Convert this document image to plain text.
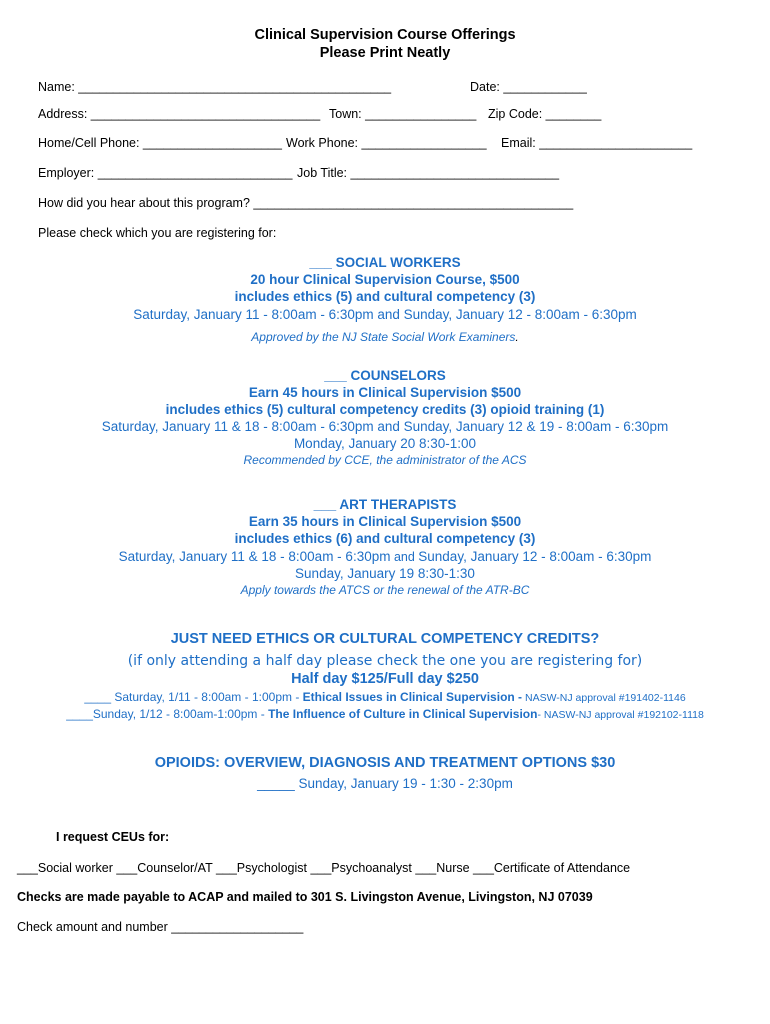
Clinical Supervision Course Offerings
Please Print Neatly
Name: _____________________________________________	Date: ____________
Address: _________________________________ Town: ________________ Zip Code: ________
Home/Cell Phone: ____________________ Work Phone: __________________ Email: ______________________
Employer: ____________________________ Job Title: ______________________________
How did you hear about this program? ______________________________________________
Please check which you are registering for:
___ SOCIAL WORKERS
20 hour Clinical Supervision Course, $500
includes ethics (5) and cultural competency (3)
Saturday, January 11 - 8:00am - 6:30pm and Sunday, January 12 - 8:00am - 6:30pm
Approved by the NJ State Social Work Examiners.
___ COUNSELORS
Earn 45 hours in Clinical Supervision $500
includes ethics (5) cultural competency credits (3) opioid training (1)
Saturday, January 11 & 18 - 8:00am - 6:30pm and Sunday, January 12 & 19 - 8:00am - 6:30pm
Monday, January 20 8:30-1:00
Recommended by CCE, the administrator of the ACS
___ ART THERAPISTS
Earn 35 hours in Clinical Supervision $500
includes ethics (6) and cultural competency (3)
Saturday, January 11 & 18 - 8:00am - 6:30pm and Sunday, January 12 - 8:00am - 6:30pm
Sunday, January 19 8:30-1:30
Apply towards the ATCS or the renewal of the ATR-BC
JUST NEED ETHICS OR CULTURAL COMPETENCY CREDITS?
(if only attending a half day please check the one you are registering for)
Half day $125/Full day $250
____ Saturday, 1/11 - 8:00am - 1:00pm - Ethical Issues in Clinical Supervision - NASW-NJ approval #191402-1146
____Sunday, 1/12 - 8:00am-1:00pm - The Influence of Culture in Clinical Supervision- NASW-NJ approval #192102-1118
OPIOIDS: OVERVIEW, DIAGNOSIS AND TREATMENT OPTIONS $30
_____ Sunday, January 19 - 1:30 - 2:30pm
I request CEUs for:
___Social worker ___Counselor/AT ___Psychologist ___Psychoanalyst ___Nurse ___Certificate of Attendance
Checks are made payable to ACAP and mailed to 301 S. Livingston Avenue, Livingston, NJ 07039
Check amount and number ___________________
